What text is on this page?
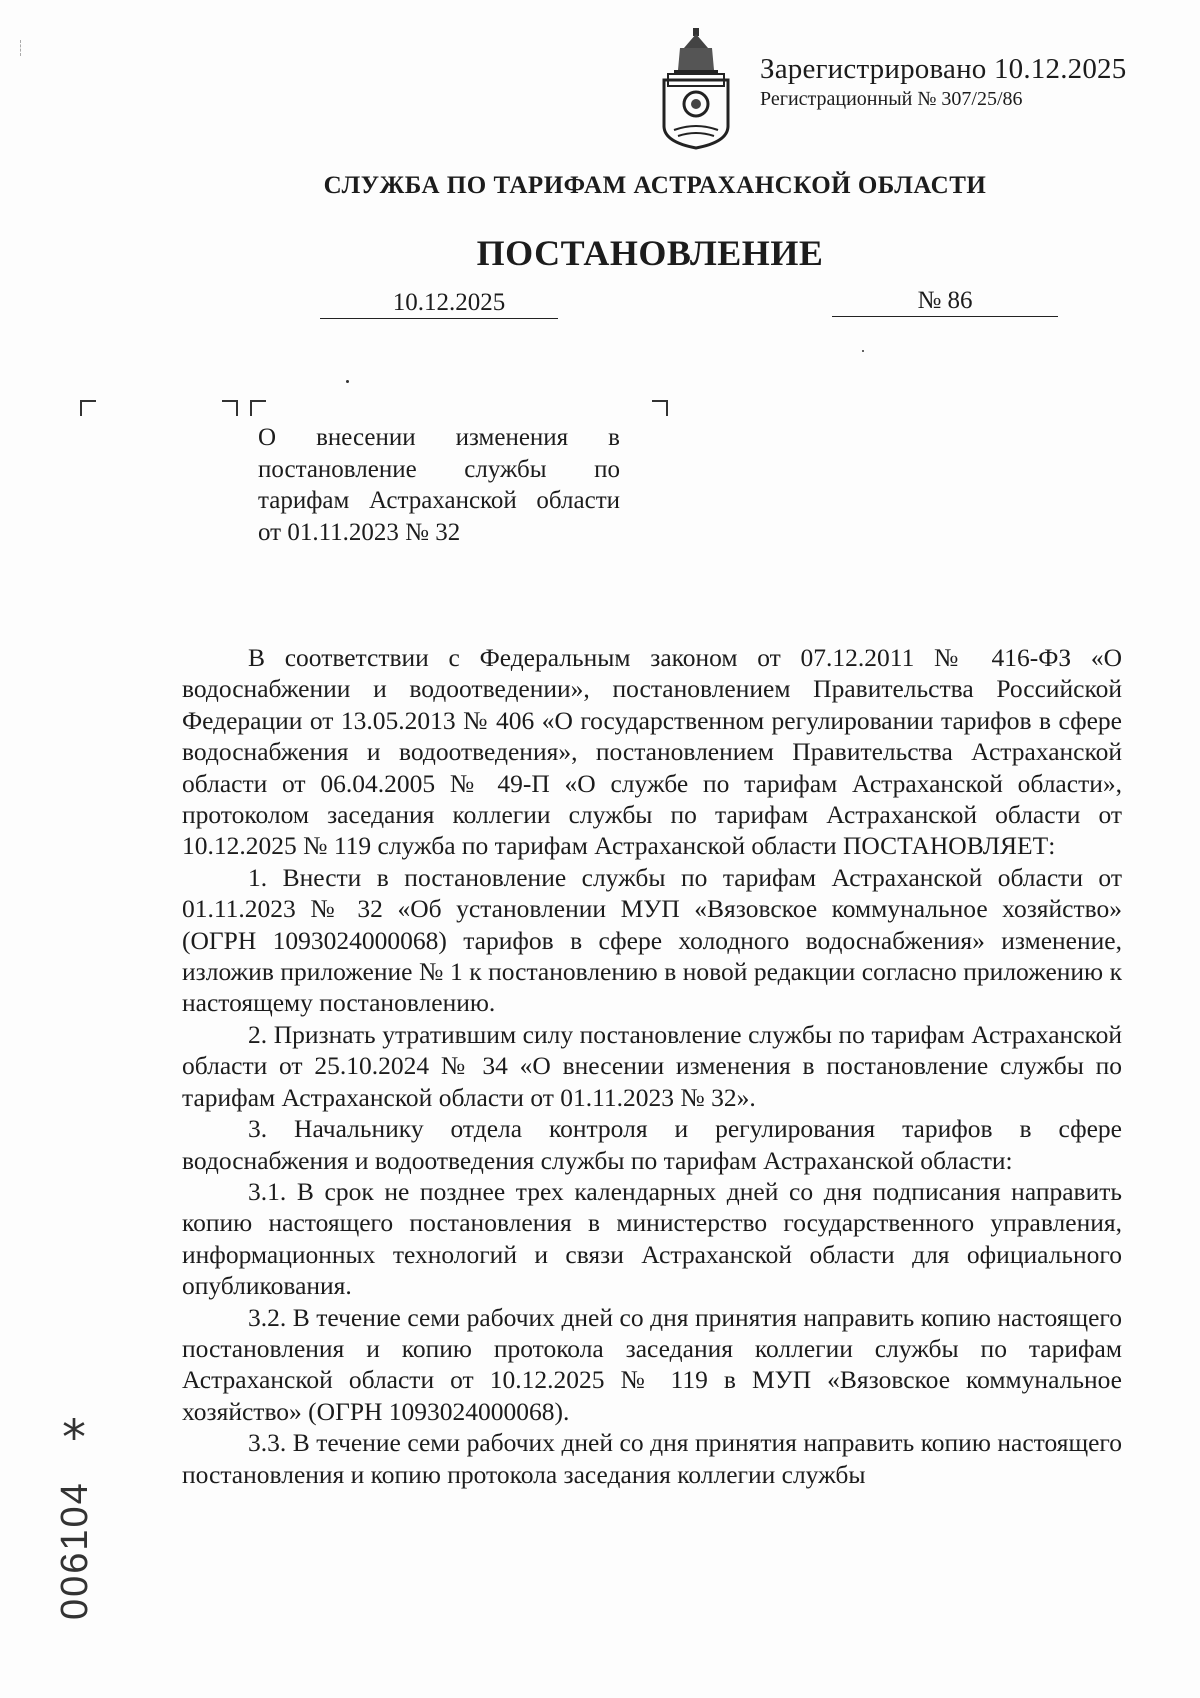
Зарегистрировано 10.12.2025
Регистрационный № 307/25/86
СЛУЖБА ПО ТАРИФАМ АСТРАХАНСКОЙ ОБЛАСТИ
ПОСТАНОВЛЕНИЕ
10.12.2025	№ 86
О внесении изменения в постановление службы по тарифам Астраханской области от 01.11.2023 № 32

В соответствии с Федеральным законом от 07.12.2011 № 416-ФЗ «О водоснабжении и водоотведении», постановлением Правительства Российской Федерации от 13.05.2013 № 406 «О государственном регулировании тарифов в сфере водоснабжения и водоотведения», постановлением Правительства Астраханской области от 06.04.2005 № 49-П «О службе по тарифам Астраханской области», протоколом заседания коллегии службы по тарифам Астраханской области от 10.12.2025 № 119 служба по тарифам Астраханской области ПОСТАНОВЛЯЕТ:

1. Внести в постановление службы по тарифам Астраханской области от 01.11.2023 № 32 «Об установлении МУП «Вязовское коммунальное хозяйство» (ОГРН 1093024000068) тарифов в сфере холодного водоснабжения» изменение, изложив приложение № 1 к постановлению в новой редакции согласно приложению к настоящему постановлению.

2. Признать утратившим силу постановление службы по тарифам Астраханской области от 25.10.2024 № 34 «О внесении изменения в постановление службы по тарифам Астраханской области от 01.11.2023 № 32».

3. Начальнику отдела контроля и регулирования тарифов в сфере водоснабжения и водоотведения службы по тарифам Астраханской области:

3.1. В срок не позднее трех календарных дней со дня подписания направить копию настоящего постановления в министерство государственного управления, информационных технологий и связи Астраханской области для официального опубликования.

3.2. В течение семи рабочих дней со дня принятия направить копию настоящего постановления и копию протокола заседания коллегии службы по тарифам Астраханской области от 10.12.2025 № 119 в МУП «Вязовское коммунальное хозяйство» (ОГРН 1093024000068).

3.3. В течение семи рабочих дней со дня принятия направить копию настоящего постановления и копию протокола заседания коллегии службы

*
006104
